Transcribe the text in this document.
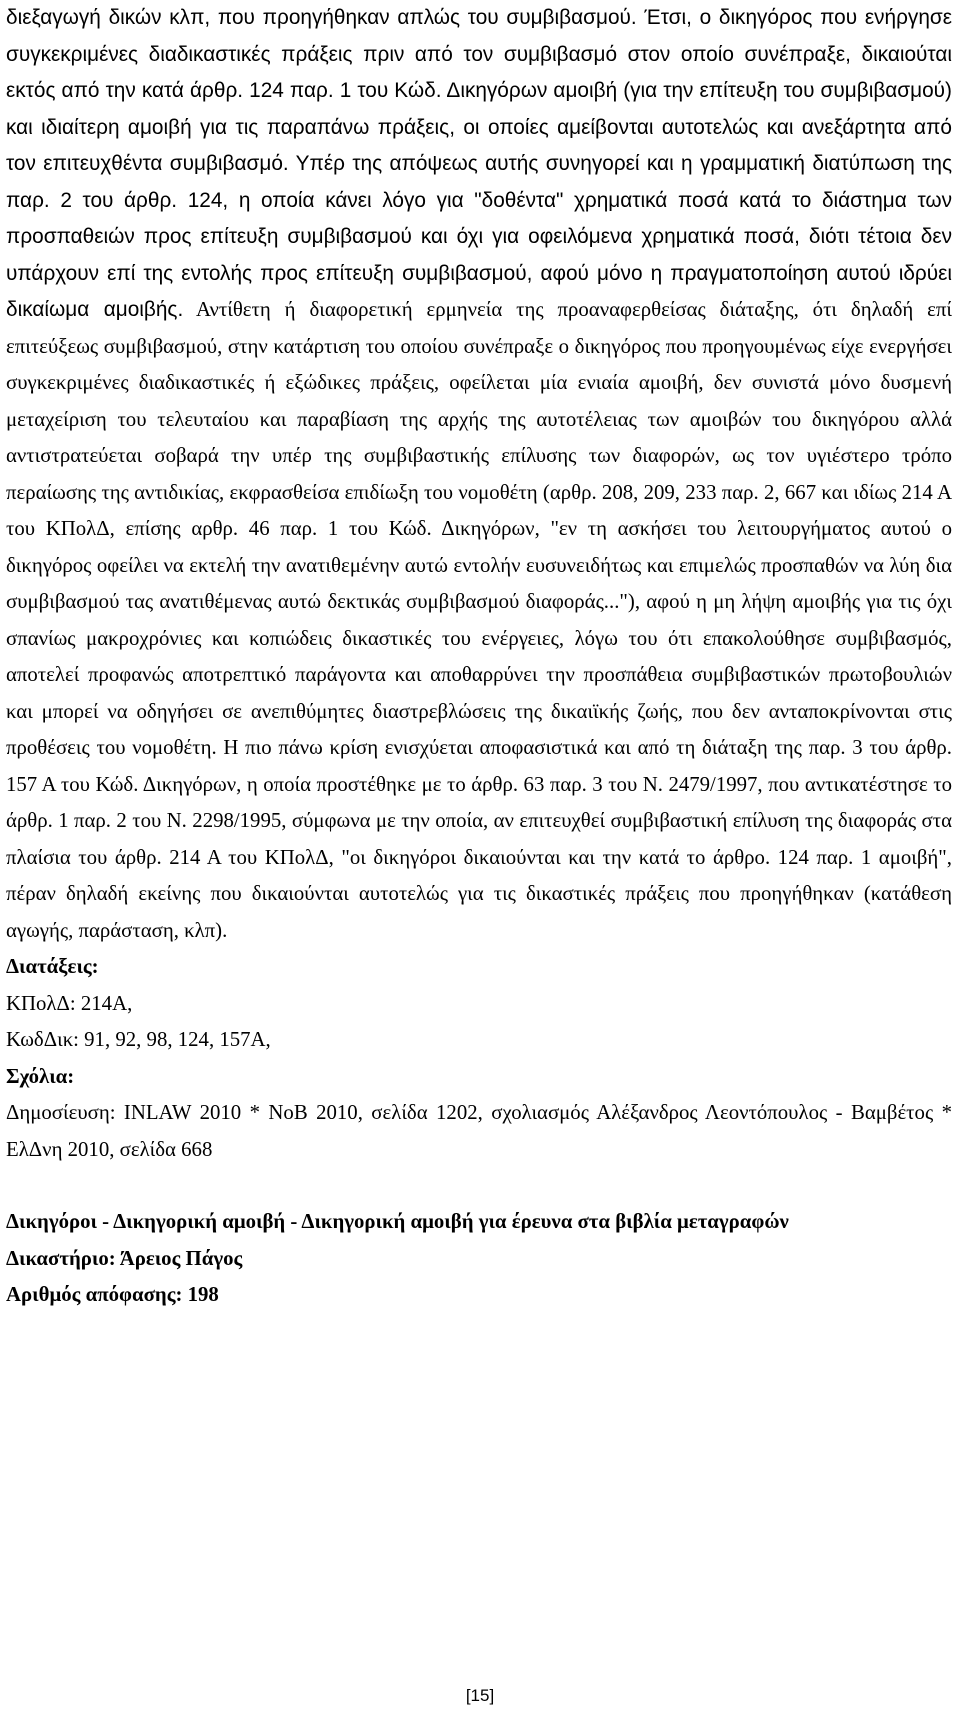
διεξαγωγή δικών κλπ, που προηγήθηκαν απλώς του συμβιβασμού. Έτσι, ο δικηγόρος που ενήργησε συγκεκριμένες διαδικαστικές πράξεις πριν από τον συμβιβασμό στον οποίο συνέπραξε, δικαιούται εκτός από την κατά άρθρ. 124 παρ. 1 του Κώδ. Δικηγόρων αμοιβή (για την επίτευξη του συμβιβασμού) και ιδιαίτερη αμοιβή για τις παραπάνω πράξεις, οι οποίες αμείβονται αυτοτελώς και ανεξάρτητα από τον επιτευχθέντα συμβιβασμό. Υπέρ της απόψεως αυτής συνηγορεί και η γραμματική διατύπωση της παρ. 2 του άρθρ. 124, η οποία κάνει λόγο για "δοθέντα" χρηματικά ποσά κατά το διάστημα των προσπαθειών προς επίτευξη συμβιβασμού και όχι για οφειλόμενα χρηματικά ποσά, διότι τέτοια δεν υπάρχουν επί της εντολής προς επίτευξη συμβιβασμού, αφού μόνο η πραγματοποίηση αυτού ιδρύει δικαίωμα αμοιβής. Αντίθετη ή διαφορετική ερμηνεία της προαναφερθείσας διάταξης, ότι δηλαδή επί επιτεύξεως συμβιβασμού, στην κατάρτιση του οποίου συνέπραξε ο δικηγόρος που προηγουμένως είχε ενεργήσει συγκεκριμένες διαδικαστικές ή εξώδικες πράξεις, οφείλεται μία ενιαία αμοιβή, δεν συνιστά μόνο δυσμενή μεταχείριση του τελευταίου και παραβίαση της αρχής της αυτοτέλειας των αμοιβών του δικηγόρου αλλά αντιστρατεύεται σοβαρά την υπέρ της συμβιβαστικής επίλυσης των διαφορών, ως τον υγιέστερο τρόπο περαίωσης της αντιδικίας, εκφρασθείσα επιδίωξη του νομοθέτη (αρθρ. 208, 209, 233 παρ. 2, 667 και ιδίως 214 Α του ΚΠολΔ, επίσης αρθρ. 46 παρ. 1 του Κώδ. Δικηγόρων, "εν τη ασκήσει του λειτουργήματος αυτού ο δικηγόρος οφείλει να εκτελή την ανατιθεμένην αυτώ εντολήν ευσυνειδήτως και επιμελώς προσπαθών να λύη δια συμβιβασμού τας ανατιθέμενας αυτώ δεκτικάς συμβιβασμού διαφοράς..."), αφού η μη λήψη αμοιβής για τις όχι σπανίως μακροχρόνιες και κοπιώδεις δικαστικές του ενέργειες, λόγω του ότι επακολούθησε συμβιβασμός, αποτελεί προφανώς αποτρεπτικό παράγοντα και αποθαρρύνει την προσπάθεια συμβιβαστικών πρωτοβουλιών και μπορεί να οδηγήσει σε ανεπιθύμητες διαστρεβλώσεις της δικαιϊκής ζωής, που δεν ανταποκρίνονται στις προθέσεις του νομοθέτη. Η πιο πάνω κρίση ενισχύεται αποφασιστικά και από τη διάταξη της παρ. 3 του άρθρ. 157 Α του Κώδ. Δικηγόρων, η οποία προστέθηκε με το άρθρ. 63 παρ. 3 του Ν. 2479/1997, που αντικατέστησε το άρθρ. 1 παρ. 2 του Ν. 2298/1995, σύμφωνα με την οποία, αν επιτευχθεί συμβιβαστική επίλυση της διαφοράς στα πλαίσια του άρθρ. 214 Α του ΚΠολΔ, "οι δικηγόροι δικαιούνται και την κατά το άρθρο. 124 παρ. 1 αμοιβή", πέραν δηλαδή εκείνης που δικαιούνται αυτοτελώς για τις δικαστικές πράξεις που προηγήθηκαν (κατάθεση αγωγής, παράσταση, κλπ).

Διατάξεις:
ΚΠολΔ: 214Α,
ΚωδΔικ: 91, 92, 98, 124, 157Α,
Σχόλια:

Δημοσίευση: INLAW 2010 * ΝοΒ 2010, σελίδα 1202, σχολιασμός Αλέξανδρος Λεοντόπουλος - Βαμβέτος * ΕλΔνη 2010, σελίδα 668

Δικηγόροι - Δικηγορική αμοιβή - Δικηγορική αμοιβή για έρευνα στα βιβλία μεταγραφών

Δικαστήριο: Άρειος Πάγος
Αριθμός απόφασης: 198
[15]
